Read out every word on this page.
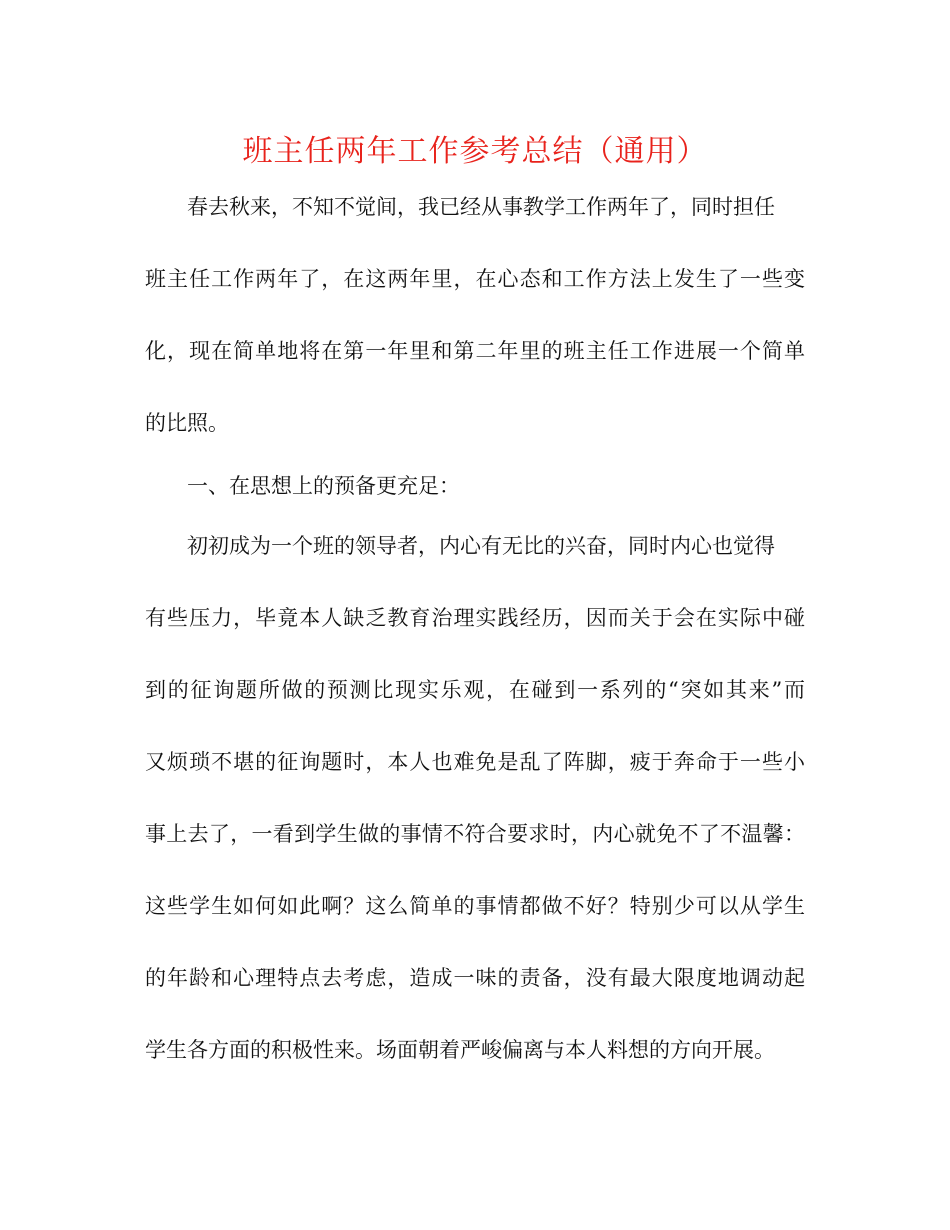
班主任两年工作参考总结（通用）
春去秋来，不知不觉间，我已经从事教学工作两年了，同时担任
班主任工作两年了，在这两年里，在心态和工作方法上发生了一些变
化，现在简单地将在第一年里和第二年里的班主任工作进展一个简单
的比照。
一、在思想上的预备更充足：
初初成为一个班的领导者，内心有无比的兴奋，同时内心也觉得
有些压力，毕竟本人缺乏教育治理实践经历，因而关于会在实际中碰
到的征询题所做的预测比现实乐观，在碰到一系列的“突如其来”而
又烦琐不堪的征询题时，本人也难免是乱了阵脚，疲于奔命于一些小
事上去了，一看到学生做的事情不符合要求时，内心就免不了不温馨：
这些学生如何如此啊？这么简单的事情都做不好？特别少可以从学生
的年龄和心理特点去考虑，造成一味的责备，没有最大限度地调动起
学生各方面的积极性来。场面朝着严峻偏离与本人料想的方向开展。
